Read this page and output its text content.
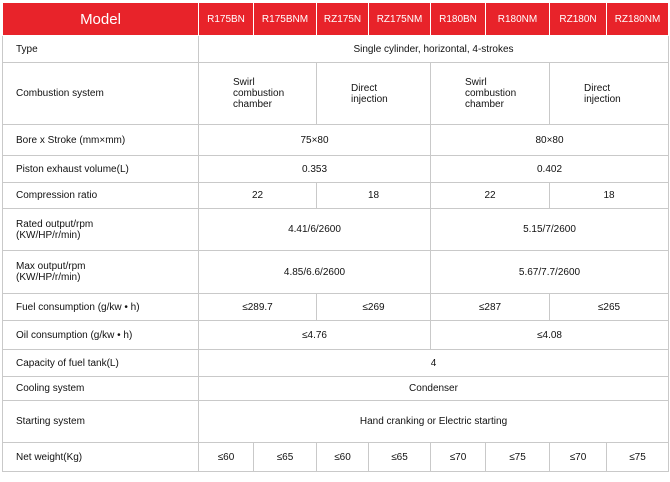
Model	R175BN	R175BNM	RZ175N	RZ175NM	R180BN	R180NM	RZ180N	RZ180NM
Type	Single cylinder, horizontal, 4-strokes							
Combustion system	Swirl
combustion
chamber		Direct
injection		Swirl
combustion
chamber		Direct
injection	
Bore x Stroke (mm×mm)	75×80				80×80			
Piston exhaust volume(L)	0.353				0.402			
Compression ratio	22		18		22		18	
Rated output/rpm
(KW/HP/r/min)	4.41/6/2600				5.15/7/2600			
Max output/rpm
(KW/HP/r/min)	4.85/6.6/2600				5.67/7.7/2600			
Fuel consumption (g/kw • h)	≤289.7		≤269		≤287		≤265	
Oil consumption (g/kw • h)	≤4.76				≤4.08			
Capacity of fuel tank(L)	4							
Cooling system	Condenser							
Starting system	Hand cranking or Electric starting							
Net weight(Kg)	≤60	≤65	≤60	≤65	≤70	≤75	≤70	≤75
